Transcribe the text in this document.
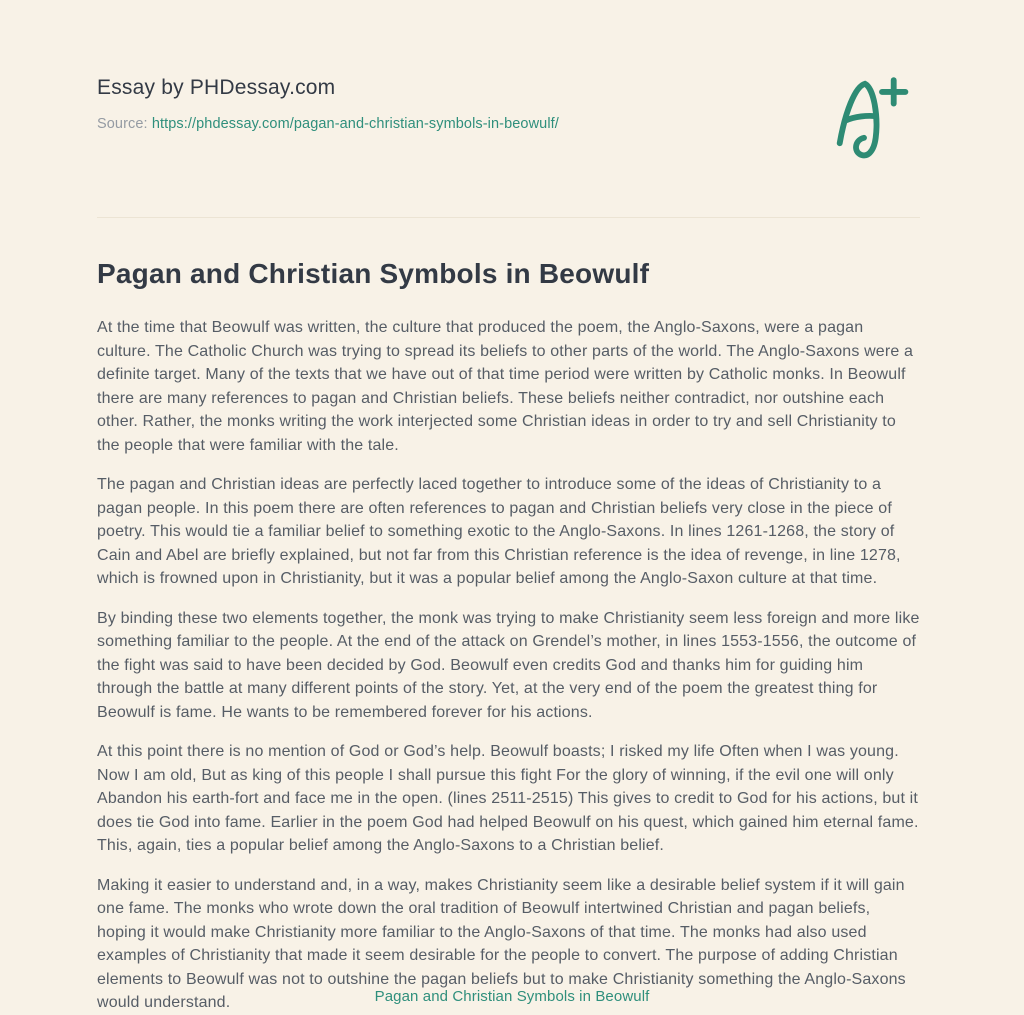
Essay by PHDessay.com
Source: https://phdessay.com/pagan-and-christian-symbols-in-beowulf/
Pagan and Christian Symbols in Beowulf

At the time that Beowulf was written, the culture that produced the poem, the Anglo-Saxons, were a pagan culture. The Catholic Church was trying to spread its beliefs to other parts of the world. The Anglo-Saxons were a definite target. Many of the texts that we have out of that time period were written by Catholic monks. In Beowulf there are many references to pagan and Christian beliefs. These beliefs neither contradict, nor outshine each other. Rather, the monks writing the work interjected some Christian ideas in order to try and sell Christianity to the people that were familiar with the tale.

The pagan and Christian ideas are perfectly laced together to introduce some of the ideas of Christianity to a pagan people. In this poem there are often references to pagan and Christian beliefs very close in the piece of poetry. This would tie a familiar belief to something exotic to the Anglo-Saxons. In lines 1261-1268, the story of Cain and Abel are briefly explained, but not far from this Christian reference is the idea of revenge, in line 1278, which is frowned upon in Christianity, but it was a popular belief among the Anglo-Saxon culture at that time.

By binding these two elements together, the monk was trying to make Christianity seem less foreign and more like something familiar to the people. At the end of the attack on Grendel’s mother, in lines 1553-1556, the outcome of the fight was said to have been decided by God. Beowulf even credits God and thanks him for guiding him through the battle at many different points of the story. Yet, at the very end of the poem the greatest thing for Beowulf is fame. He wants to be remembered forever for his actions.

At this point there is no mention of God or God’s help. Beowulf boasts; I risked my life Often when I was young. Now I am old, But as king of this people I shall pursue this fight For the glory of winning, if the evil one will only Abandon his earth-fort and face me in the open. (lines 2511-2515) This gives to credit to God for his actions, but it does tie God into fame. Earlier in the poem God had helped Beowulf on his quest, which gained him eternal fame. This, again, ties a popular belief among the Anglo-Saxons to a Christian belief.

Making it easier to understand and, in a way, makes Christianity seem like a desirable belief system if it will gain one fame. The monks who wrote down the oral tradition of Beowulf intertwined Christian and pagan beliefs, hoping it would make Christianity more familiar to the Anglo-Saxons of that time. The monks had also used examples of Christianity that made it seem desirable for the people to convert. The purpose of adding Christian elements to Beowulf was not to outshine the pagan beliefs but to make Christianity something the Anglo-Saxons would understand.	Pagan and Christian Symbols in Beowulf
